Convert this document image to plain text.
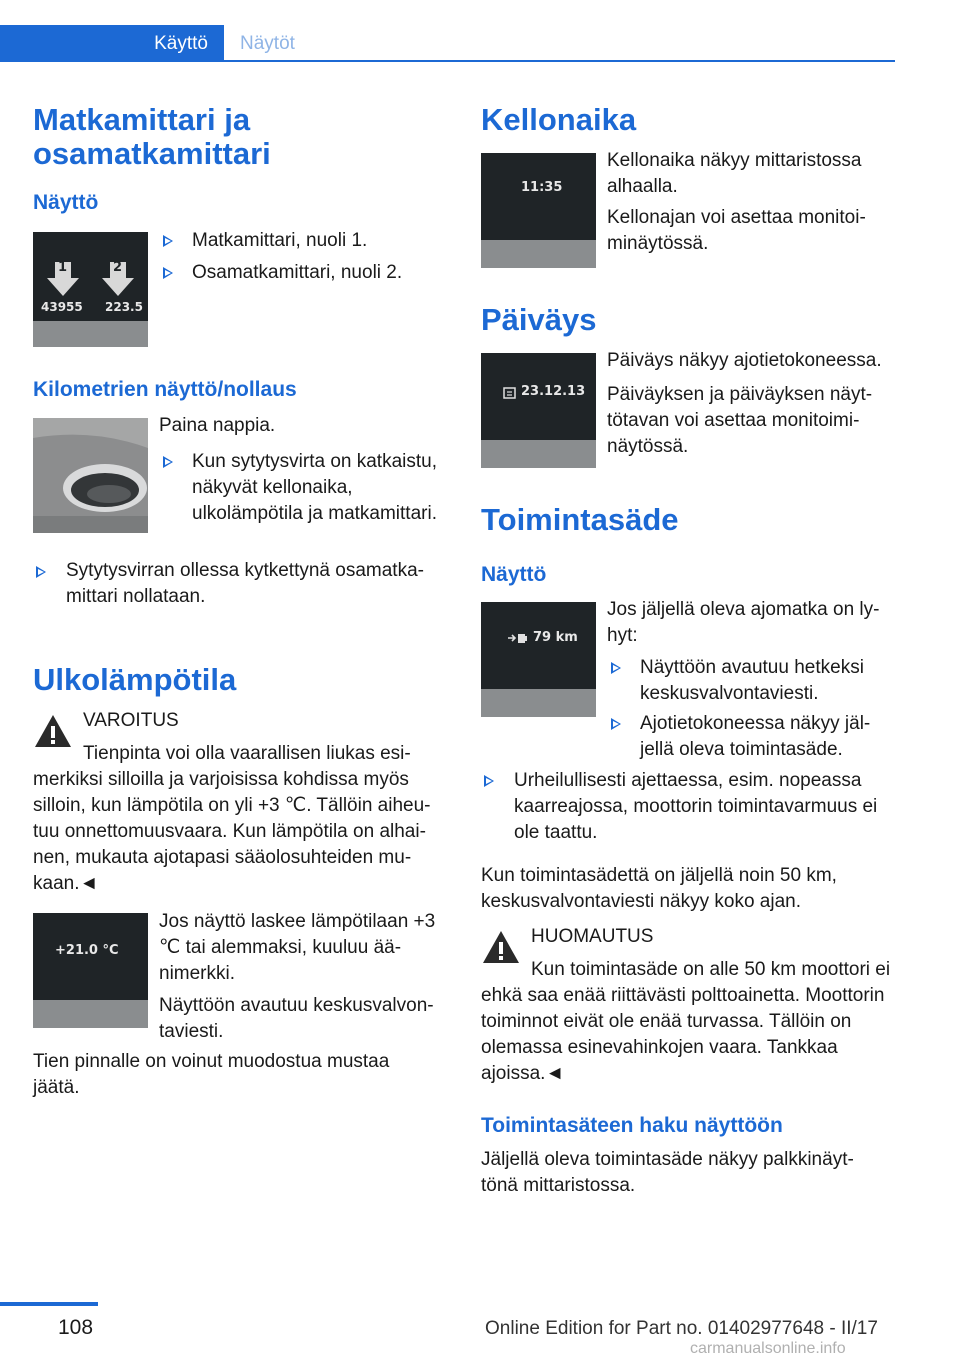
Käyttö	Näytöt
Matkamittari ja osamatkamittari
Näyttö
1	2
43955 223.5
Matkamittari, nuoli 1.
Osamatkamittari, nuoli 2.
Kilometrien näyttö/nollaus
Paina nappia.
Kun sytytysvirta on katkaistu, näkyvät kellonaika, ulkolämpötila ja matkamittari.
Sytytysvirran ollessa kytkettynä osamatkamittari nollataan.
Ulkolämpötila
VAROITUS
Tienpinta voi olla vaarallisen liukas esimerkiksi silloilla ja varjoisissa kohdissa myös silloin, kun lämpötila on yli +3 ℃. Tällöin aiheutuu onnettomuusvaara. Kun lämpötila on alhainen, mukauta ajotapasi sääolosuhteiden mukaan.◄
+21.0 °C
Jos näyttö laskee lämpötilaan +3 ℃ tai alemmaksi, kuuluu äänimerkki.
Näyttöön avautuu keskusvalvontaviesti.
Tien pinnalle on voinut muodostua mustaa jäätä.
Kellonaika
11:35
Kellonaika näkyy mittaristossa alhaalla.
Kellonajan voi asettaa monitoiminäytössä.
Päiväys
23.12.13
Päiväys näkyy ajotietokoneessa.
Päiväyksen ja päiväyksen näyttötavan voi asettaa monitoiminäytössä.
Toimintasäde
Näyttö
79 km
Jos jäljellä oleva ajomatka on lyhyt:
Näyttöön avautuu hetkeksi keskusvalvontaviesti.
Ajotietokoneessa näkyy jäljellä oleva toimintasäde.
Urheilullisesti ajettaessa, esim. nopeassa kaarreajossa, moottorin toimintavarmuus ei ole taattu.
Kun toimintasädettä on jäljellä noin 50 km, keskusvalvontaviesti näkyy koko ajan.
HUOMAUTUS
Kun toimintasäde on alle 50 km moottori ei ehkä saa enää riittävästi polttoainetta. Moottorin toiminnot eivät ole enää turvassa. Tällöin on olemassa esinevahinkojen vaara. Tankkaa ajoissa.◄
Toimintasäteen haku näyttöön
Jäljellä oleva toimintasäde näkyy palkkinäyttönä mittaristossa.
108	Online Edition for Part no. 01402977648 - II/17
carmanualsonline.info
